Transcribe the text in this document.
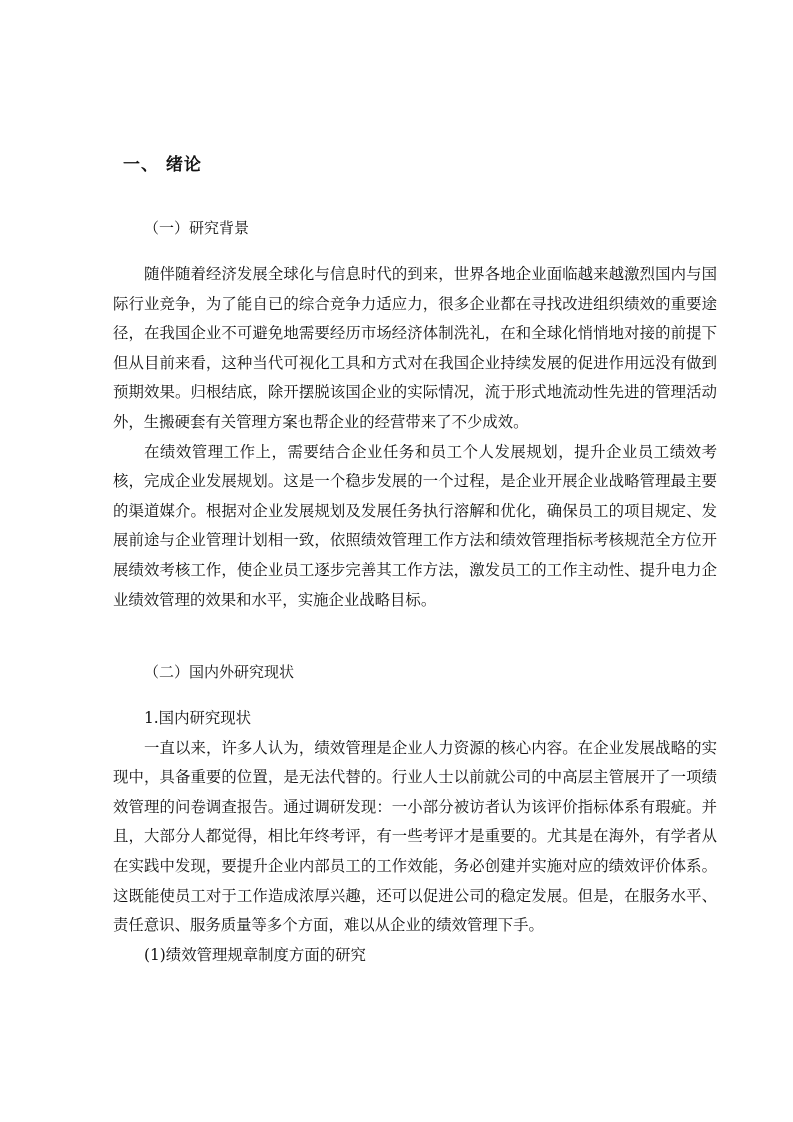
一、 绪论
（一）研究背景

随伴随着经济发展全球化与信息时代的到来，世界各地企业面临越来越激烈国内与国际行业竞争，为了能自已的综合竞争力适应力，很多企业都在寻找改进组织绩效的重要途径，在我国企业不可避免地需要经历市场经济体制洗礼，在和全球化悄悄地对接的前提下但从目前来看，这种当代可视化工具和方式对在我国企业持续发展的促进作用远没有做到预期效果。归根结底，除开摆脱该国企业的实际情况，流于形式地流动性先进的管理活动外，生搬硬套有关管理方案也帮企业的经营带来了不少成效。

在绩效管理工作上，需要结合企业任务和员工个人发展规划，提升企业员工绩效考核，完成企业发展规划。这是一个稳步发展的一个过程，是企业开展企业战略管理最主要的渠道媒介。根据对企业发展规划及发展任务执行溶解和优化，确保员工的项目规定、发展前途与企业管理计划相一致，依照绩效管理工作方法和绩效管理指标考核规范全方位开展绩效考核工作，使企业员工逐步完善其工作方法，激发员工的工作主动性、提升电力企业绩效管理的效果和水平，实施企业战略目标。

（二）国内外研究现状

1.国内研究现状

一直以来，许多人认为，绩效管理是企业人力资源的核心内容。在企业发展战略的实现中，具备重要的位置，是无法代替的。行业人士以前就公司的中高层主管展开了一项绩效管理的问卷调查报告。通过调研发现：一小部分被访者认为该评价指标体系有瑕疵。并且，大部分人都觉得，相比年终考评，有一些考评才是重要的。尤其是在海外，有学者从在实践中发现，要提升企业内部员工的工作效能，务必创建并实施对应的绩效评价体系。这既能使员工对于工作造成浓厚兴趣，还可以促进公司的稳定发展。但是，在服务水平、责任意识、服务质量等多个方面，难以从企业的绩效管理下手。

(1)绩效管理规章制度方面的研究
